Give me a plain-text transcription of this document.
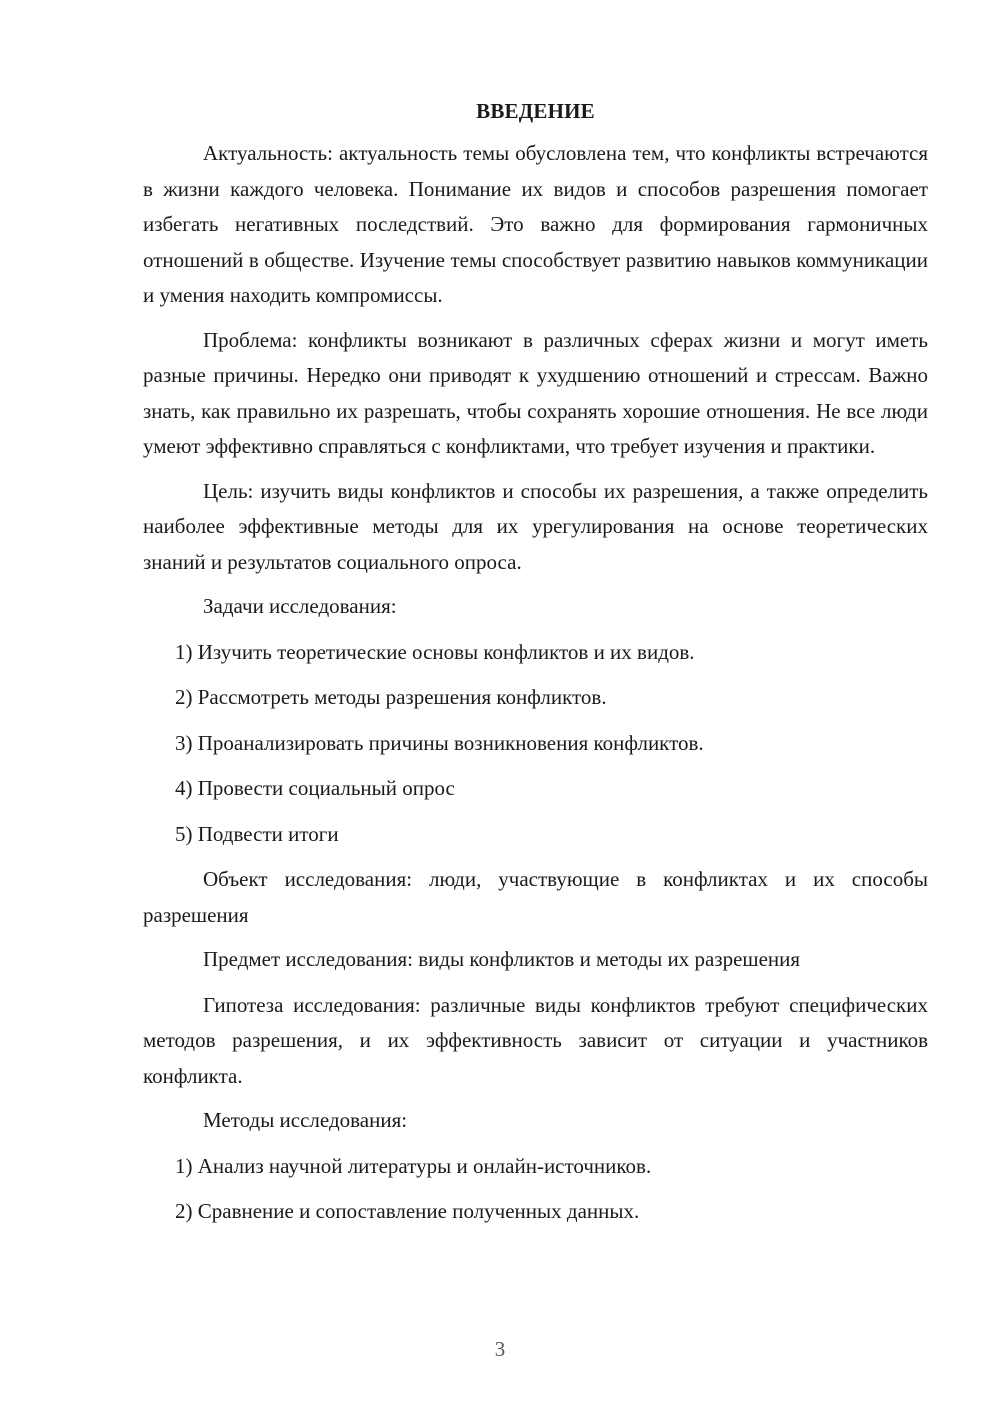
ВВЕДЕНИЕ

Актуальность: актуальность темы обусловлена тем, что конфликты встречаются в жизни каждого человека. Понимание их видов и способов разрешения помогает избегать негативных последствий. Это важно для формирования гармоничных отношений в обществе. Изучение темы способствует развитию навыков коммуникации и умения находить компромиссы.

Проблема: конфликты возникают в различных сферах жизни и могут иметь разные причины. Нередко они приводят к ухудшению отношений и стрессам. Важно знать, как правильно их разрешать, чтобы сохранять хорошие отношения. Не все люди умеют эффективно справляться с конфликтами, что требует изучения и практики.

Цель: изучить виды конфликтов и способы их разрешения, а также определить наиболее эффективные методы для их урегулирования на основе теоретических знаний и результатов социального опроса.

Задачи исследования:

1) Изучить теоретические основы конфликтов и их видов.
2) Рассмотреть методы разрешения конфликтов.
3) Проанализировать причины возникновения конфликтов.
4) Провести социальный опрос
5) Подвести итоги

Объект исследования: люди, участвующие в конфликтах и их способы разрешения

Предмет исследования: виды конфликтов и методы их разрешения

Гипотеза исследования: различные виды конфликтов требуют специфических методов разрешения, и их эффективность зависит от ситуации и участников конфликта.

Методы исследования:

1) Анализ научной литературы и онлайн-источников.
2) Сравнение и сопоставление полученных данных.
3
